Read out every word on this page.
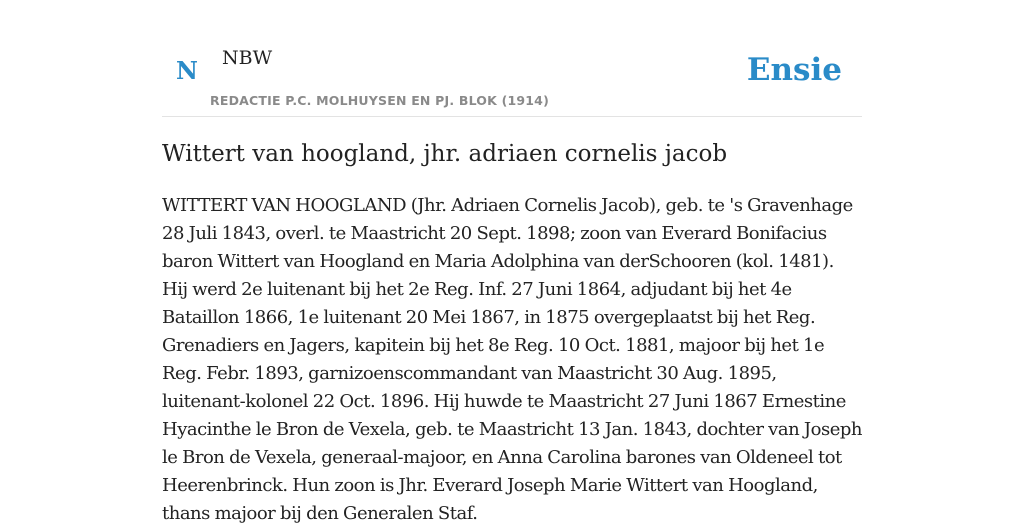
N NBW
REDACTIE P.C. MOLHUYSEN EN PJ. BLOK (1914)
Ensie
Wittert van hoogland, jhr. adriaen cornelis jacob

WITTERT VAN HOOGLAND (Jhr. Adriaen Cornelis Jacob), geb. te 's Gravenhage 28 Juli 1843, overl. te Maastricht 20 Sept. 1898; zoon van Everard Bonifacius baron Wittert van Hoogland en Maria Adolphina van derSchooren (kol. 1481). Hij werd 2e luitenant bij het 2e Reg. Inf. 27 Juni 1864, adjudant bij het 4e Bataillon 1866, 1e luitenant 20 Mei 1867, in 1875 overgeplaatst bij het Reg. Grenadiers en Jagers, kapitein bij het 8e Reg. 10 Oct. 1881, majoor bij het 1e Reg. Febr. 1893, garnizoenscommandant van Maastricht 30 Aug. 1895, luitenant-kolonel 22 Oct. 1896. Hij huwde te Maastricht 27 Juni 1867 Ernestine Hyacinthe le Bron de Vexela, geb. te Maastricht 13 Jan. 1843, dochter van Joseph le Bron de Vexela, generaal-majoor, en Anna Carolina barones van Oldeneel tot Heerenbrinck. Hun zoon is Jhr. Everard Joseph Marie Wittert van Hoogland, thans majoor bij den Generalen Staf.
